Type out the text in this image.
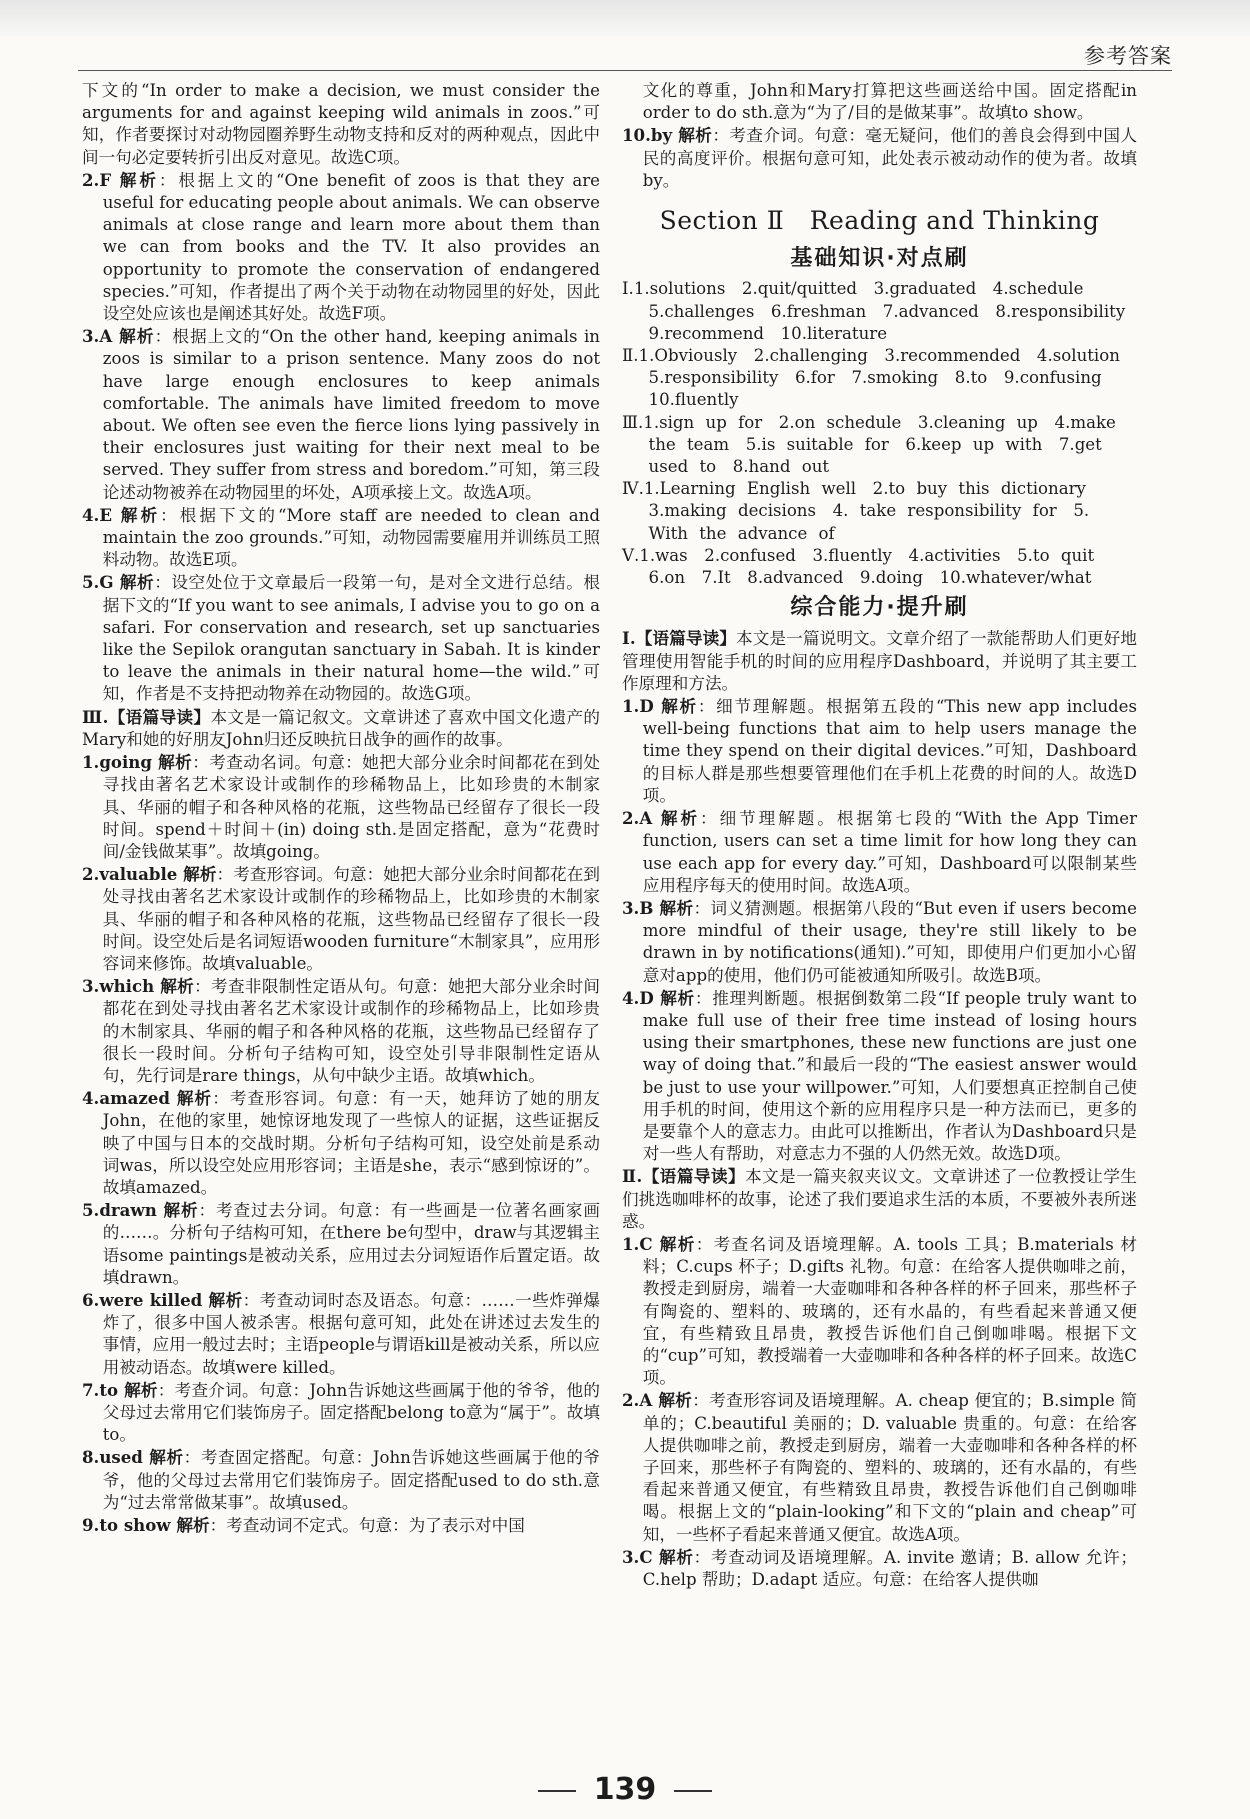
参考答案

下文的“In order to make a decision, we must consider the arguments for and against keeping wild animals in zoos.”可知，作者要探讨对动物园圈养野生动物支持和反对的两种观点，因此中间一句必定要转折引出反对意见。故选C项。

2.F 解析：根据上文的“One benefit of zoos is that they are useful for educating people about animals. We can observe animals at close range and learn more about them than we can from books and the TV. It also provides an opportunity to promote the conservation of endangered species.”可知，作者提出了两个关于动物在动物园里的好处，因此设空处应该也是阐述其好处。故选F项。

3.A 解析：根据上文的“On the other hand, keeping animals in zoos is similar to a prison sentence. Many zoos do not have large enough enclosures to keep animals comfortable. The animals have limited freedom to move about. We often see even the fierce lions lying passively in their enclosures just waiting for their next meal to be served. They suffer from stress and boredom.”可知，第三段论述动物被养在动物园里的坏处，A项承接上文。故选A项。

4.E 解析：根据下文的“More staff are needed to clean and maintain the zoo grounds.”可知，动物园需要雇用并训练员工照料动物。故选E项。

5.G 解析：设空处位于文章最后一段第一句，是对全文进行总结。根据下文的“If you want to see animals, I advise you to go on a safari. For conservation and research, set up sanctuaries like the Sepilok orangutan sanctuary in Sabah. It is kinder to leave the animals in their natural home—the wild.”可知，作者是不支持把动物养在动物园的。故选G项。

Ⅲ.【语篇导读】本文是一篇记叙文。文章讲述了喜欢中国文化遗产的Mary和她的好朋友John归还反映抗日战争的画作的故事。

1.going 解析：考查动名词。句意：她把大部分业余时间都花在到处寻找由著名艺术家设计或制作的珍稀物品上，比如珍贵的木制家具、华丽的帽子和各种风格的花瓶，这些物品已经留存了很长一段时间。spend＋时间＋(in) doing sth.是固定搭配，意为“花费时间/金钱做某事”。故填going。

2.valuable 解析：考查形容词。句意：她把大部分业余时间都花在到处寻找由著名艺术家设计或制作的珍稀物品上，比如珍贵的木制家具、华丽的帽子和各种风格的花瓶，这些物品已经留存了很长一段时间。设空处后是名词短语wooden furniture“木制家具”，应用形容词来修饰。故填valuable。

3.which 解析：考查非限制性定语从句。句意：她把大部分业余时间都花在到处寻找由著名艺术家设计或制作的珍稀物品上，比如珍贵的木制家具、华丽的帽子和各种风格的花瓶，这些物品已经留存了很长一段时间。分析句子结构可知，设空处引导非限制性定语从句，先行词是rare things，从句中缺少主语。故填which。

4.amazed 解析：考查形容词。句意：有一天，她拜访了她的朋友John，在他的家里，她惊讶地发现了一些惊人的证据，这些证据反映了中国与日本的交战时期。分析句子结构可知，设空处前是系动词was，所以设空处应用形容词；主语是she，表示“感到惊讶的”。故填amazed。

5.drawn 解析：考查过去分词。句意：有一些画是一位著名画家画的……。分析句子结构可知，在there be句型中，draw与其逻辑主语some paintings是被动关系，应用过去分词短语作后置定语。故填drawn。

6.were killed 解析：考查动词时态及语态。句意：……一些炸弹爆炸了，很多中国人被杀害。根据句意可知，此处在讲述过去发生的事情，应用一般过去时；主语people与谓语kill是被动关系，所以应用被动语态。故填were killed。

7.to 解析：考查介词。句意：John告诉她这些画属于他的爷爷，他的父母过去常用它们装饰房子。固定搭配belong to意为“属于”。故填to。

8.used 解析：考查固定搭配。句意：John告诉她这些画属于他的爷爷，他的父母过去常用它们装饰房子。固定搭配used to do sth.意为“过去常常做某事”。故填used。

9.to show 解析：考查动词不定式。句意：为了表示对中国

文化的尊重，John和Mary打算把这些画送给中国。固定搭配in order to do sth.意为“为了/目的是做某事”。故填to show。

10.by 解析：考查介词。句意：毫无疑问，他们的善良会得到中国人民的高度评价。根据句意可知，此处表示被动动作的使为者。故填by。

Section Ⅱ　Reading and Thinking
基础知识·对点刷

Ⅰ.1.solutions　2.quit/quitted　3.graduated　4.schedule　5.challenges　6.freshman　7.advanced　8.responsibility　9.recommend　10.literature

Ⅱ.1.Obviously　2.challenging　3.recommended　4.solution　5.responsibility　6.for　7.smoking　8.to　9.confusing　10.fluently

Ⅲ.1.sign up for　2.on schedule　3.cleaning up　4.make the team　5.is suitable for　6.keep up with　7.get used to　8.hand out

Ⅳ.1.Learning English well　2.to buy this dictionary　3.making decisions　4. take responsibility for　5. With the advance of

Ⅴ.1.was　2.confused　3.fluently　4.activities　5.to quit　6.on　7.It　8.advanced　9.doing　10.whatever/what

综合能力·提升刷

Ⅰ.【语篇导读】本文是一篇说明文。文章介绍了一款能帮助人们更好地管理使用智能手机的时间的应用程序Dashboard，并说明了其主要工作原理和方法。

1.D 解析：细节理解题。根据第五段的“This new app includes well-being functions that aim to help users manage the time they spend on their digital devices.”可知，Dashboard的目标人群是那些想要管理他们在手机上花费的时间的人。故选D项。

2.A 解析：细节理解题。根据第七段的“With the App Timer function, users can set a time limit for how long they can use each app for every day.”可知，Dashboard可以限制某些应用程序每天的使用时间。故选A项。

3.B 解析：词义猜测题。根据第八段的“But even if users become more mindful of their usage, they're still likely to be drawn in by notifications(通知).”可知，即使用户们更加小心留意对app的使用，他们仍可能被通知所吸引。故选B项。

4.D 解析：推理判断题。根据倒数第二段“If people truly want to make full use of their free time instead of losing hours using their smartphones, these new functions are just one way of doing that.”和最后一段的“The easiest answer would be just to use your willpower.”可知，人们要想真正控制自己使用手机的时间，使用这个新的应用程序只是一种方法而已，更多的是要靠个人的意志力。由此可以推断出，作者认为Dashboard只是对一些人有帮助，对意志力不强的人仍然无效。故选D项。

Ⅱ.【语篇导读】本文是一篇夹叙夹议文。文章讲述了一位教授让学生们挑选咖啡杯的故事，论述了我们要追求生活的本质，不要被外表所迷惑。

1.C 解析：考查名词及语境理解。A. tools 工具；B.materials 材料；C.cups 杯子；D.gifts 礼物。句意：在给客人提供咖啡之前，教授走到厨房，端着一大壶咖啡和各种各样的杯子回来，那些杯子有陶瓷的、塑料的、玻璃的，还有水晶的，有些看起来普通又便宜，有些精致且昂贵，教授告诉他们自己倒咖啡喝。根据下文的“cup”可知，教授端着一大壶咖啡和各种各样的杯子回来。故选C项。

2.A 解析：考查形容词及语境理解。A. cheap 便宜的；B.simple 简单的；C.beautiful 美丽的；D. valuable 贵重的。句意：在给客人提供咖啡之前，教授走到厨房，端着一大壶咖啡和各种各样的杯子回来，那些杯子有陶瓷的、塑料的、玻璃的，还有水晶的，有些看起来普通又便宜，有些精致且昂贵，教授告诉他们自己倒咖啡喝。根据上文的“plain-looking”和下文的“plain and cheap”可知，一些杯子看起来普通又便宜。故选A项。

3.C 解析：考查动词及语境理解。A. invite 邀请；B. allow 允许；C.help 帮助；D.adapt 适应。句意：在给客人提供咖

139
